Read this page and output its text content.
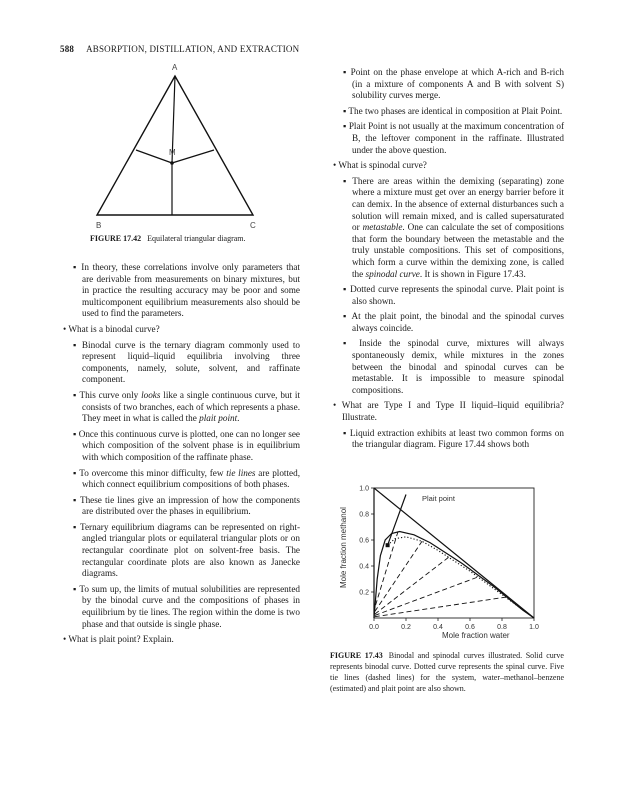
588 ABSORPTION, DISTILLATION, AND EXTRACTION
A
M
B	C
FIGURE 17.42 Equilateral triangular diagram.

▪ In theory, these correlations involve only parameters that are derivable from measurements on binary mixtures, but in practice the resulting accuracy may be poor and some multicomponent equilibrium measurements also should be used to find the parameters.

• What is a binodal curve?

▪ Binodal curve is the ternary diagram commonly used to represent liquid–liquid equilibria involving three components, namely, solute, solvent, and raffinate component.

▪ This curve only looks like a single continuous curve, but it consists of two branches, each of which represents a phase. They meet in what is called the plait point.

▪ Once this continuous curve is plotted, one can no longer see which composition of the solvent phase is in equilibrium with which composition of the raffinate phase.

▪ To overcome this minor difficulty, few tie lines are plotted, which connect equilibrium compositions of both phases.

▪ These tie lines give an impression of how the components are distributed over the phases in equilibrium.

▪ Ternary equilibrium diagrams can be represented on right-angled triangular plots or equilateral triangular plots or on rectangular coordinate plot on solvent-free basis. The rectangular coordinate plots are also known as Janecke diagrams.

▪ To sum up, the limits of mutual solubilities are represented by the binodal curve and the compositions of phases in equilibrium by tie lines. The region within the dome is two phase and that outside is single phase.

• What is plait point? Explain.

▪ Point on the phase envelope at which A-rich and B-rich (in a mixture of components A and B with solvent S) solubility curves merge.

▪ The two phases are identical in composition at Plait Point.

▪ Plait Point is not usually at the maximum concentration of B, the leftover component in the raffinate. Illustrated under the above question.

• What is spinodal curve?

▪ There are areas within the demixing (separating) zone where a mixture must get over an energy barrier before it can demix. In the absence of external disturbances such a solution will remain mixed, and is called supersaturated or metastable. One can calculate the set of compositions that form the boundary between the metastable and the truly unstable compositions. This set of compositions, which form a curve within the demixing zone, is called the spinodal curve. It is shown in Figure 17.43.

▪ Dotted curve represents the spinodal curve. Plait point is also shown.

▪ At the plait point, the binodal and the spinodal curves always coincide.

▪ Inside the spinodal curve, mixtures will always spontaneously demix, while mixtures in the zones between the binodal and spinodal curves can be metastable. It is impossible to measure spinodal compositions.

• What are Type I and Type II liquid–liquid equilibria? Illustrate.

▪ Liquid extraction exhibits at least two common forms on the triangular diagram. Figure 17.44 shows both

Mole fraction methanol
Mole fraction water
0.0	0.2	0.4	0.6	0.8	1.0
0.2
0.4
0.6
0.8
1.0
Plait point
FIGURE 17.43 Binodal and spinodal curves illustrated. Solid curve represents binodal curve. Dotted curve represents the spinal curve. Five tie lines (dashed lines) for the system, water–methanol–benzene (estimated) and plait point are also shown.
